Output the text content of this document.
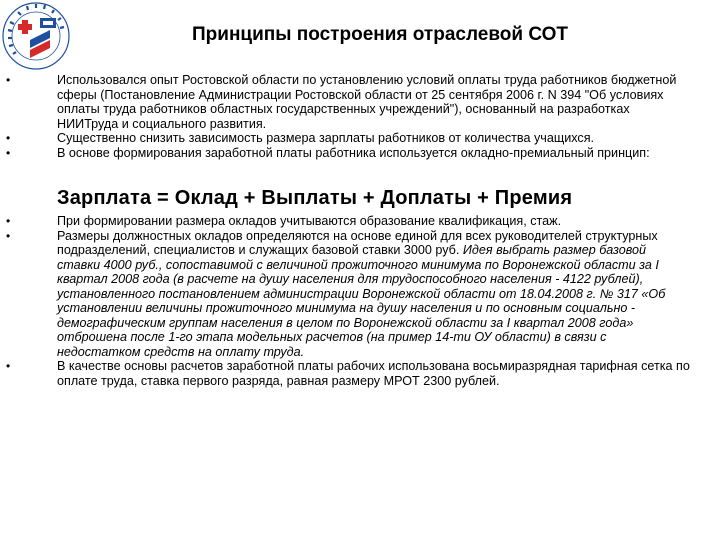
Принципы построения отраслевой СОТ
•	Использовался опыт Ростовской области по установлению условий оплаты труда работников бюджетной сферы (Постановление Администрации Ростовской области от 25 сентября 2006 г. N 394 "Об условиях оплаты труда работников областных государственных учреждений"), основанный на разработках НИИТруда и социального развития.
•	Существенно снизить зависимость размера зарплаты работников от количества учащихся.
•	В основе формирования заработной платы работника используется окладно-премиальный принцип:
Зарплата = Оклад + Выплаты + Доплаты + Премия
•	При формировании размера окладов учитываются образование квалификация, стаж.
•	Размеры должностных окладов определяются на основе единой для всех руководителей структурных подразделений, специалистов и служащих базовой ставки 3000 руб. Идея выбрать размер базовой ставки 4000 руб., сопоставимой с величиной прожиточного минимума по Воронежской области за I квартал 2008 года (в расчете на душу населения для трудоспособного населения - 4122 рублей), установленного постановлением администрации Воронежской области от 18.04.2008 г. № 317 «Об установлении величины прожиточного минимума на душу населения и по основным социально - демографическим группам населения в целом по Воронежской области за I квартал 2008 года» отброшена после 1-го этапа модельных расчетов (на пример 14-ти ОУ области) в связи с недостатком средств на оплату труда.
•	В качестве основы расчетов заработной платы рабочих использована восьмиразрядная тарифная сетка по оплате труда, ставка первого разряда, равная размеру МРОТ 2300 рублей.
